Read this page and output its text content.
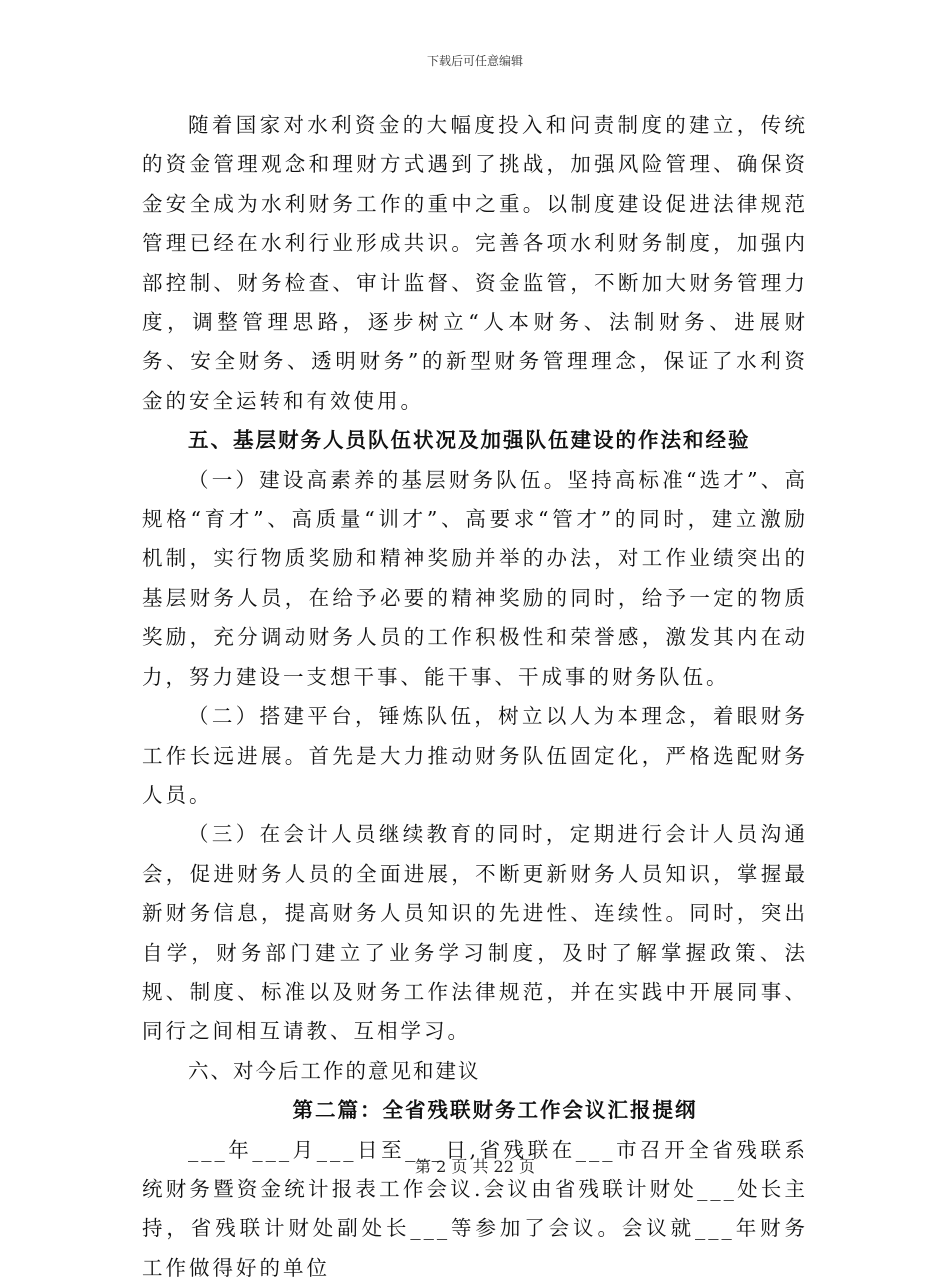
下载后可任意编辑

随着国家对水利资金的大幅度投入和问责制度的建立，传统的资金管理观念和理财方式遇到了挑战，加强风险管理、确保资金安全成为水利财务工作的重中之重。以制度建设促进法律规范管理已经在水利行业形成共识。完善各项水利财务制度，加强内部控制、财务检查、审计监督、资金监管，不断加大财务管理力度，调整管理思路，逐步树立“人本财务、法制财务、进展财务、安全财务、透明财务”的新型财务管理理念，保证了水利资金的安全运转和有效使用。

五、基层财务人员队伍状况及加强队伍建设的作法和经验

（一）建设高素养的基层财务队伍。坚持高标准“选才”、高规格“育才”、高质量“训才”、高要求“管才”的同时，建立激励机制，实行物质奖励和精神奖励并举的办法，对工作业绩突出的基层财务人员，在给予必要的精神奖励的同时，给予一定的物质奖励，充分调动财务人员的工作积极性和荣誉感，激发其内在动力，努力建设一支想干事、能干事、干成事的财务队伍。

（二）搭建平台，锤炼队伍，树立以人为本理念，着眼财务工作长远进展。首先是大力推动财务队伍固定化，严格选配财务人员。

（三）在会计人员继续教育的同时，定期进行会计人员沟通会，促进财务人员的全面进展，不断更新财务人员知识，掌握最新财务信息，提高财务人员知识的先进性、连续性。同时，突出自学，财务部门建立了业务学习制度，及时了解掌握政策、法规、制度、标准以及财务工作法律规范，并在实践中开展同事、同行之间相互请教、互相学习。

六、对今后工作的意见和建议

第二篇：全省残联财务工作会议汇报提纲

___年___月___日至___日,省残联在___市召开全省残联系统财务暨资金统计报表工作会议.会议由省残联计财处___处长主持，省残联计财处副处长___等参加了会议。会议就___年财务工作做得好的单位

第 2 页 共 22 页
